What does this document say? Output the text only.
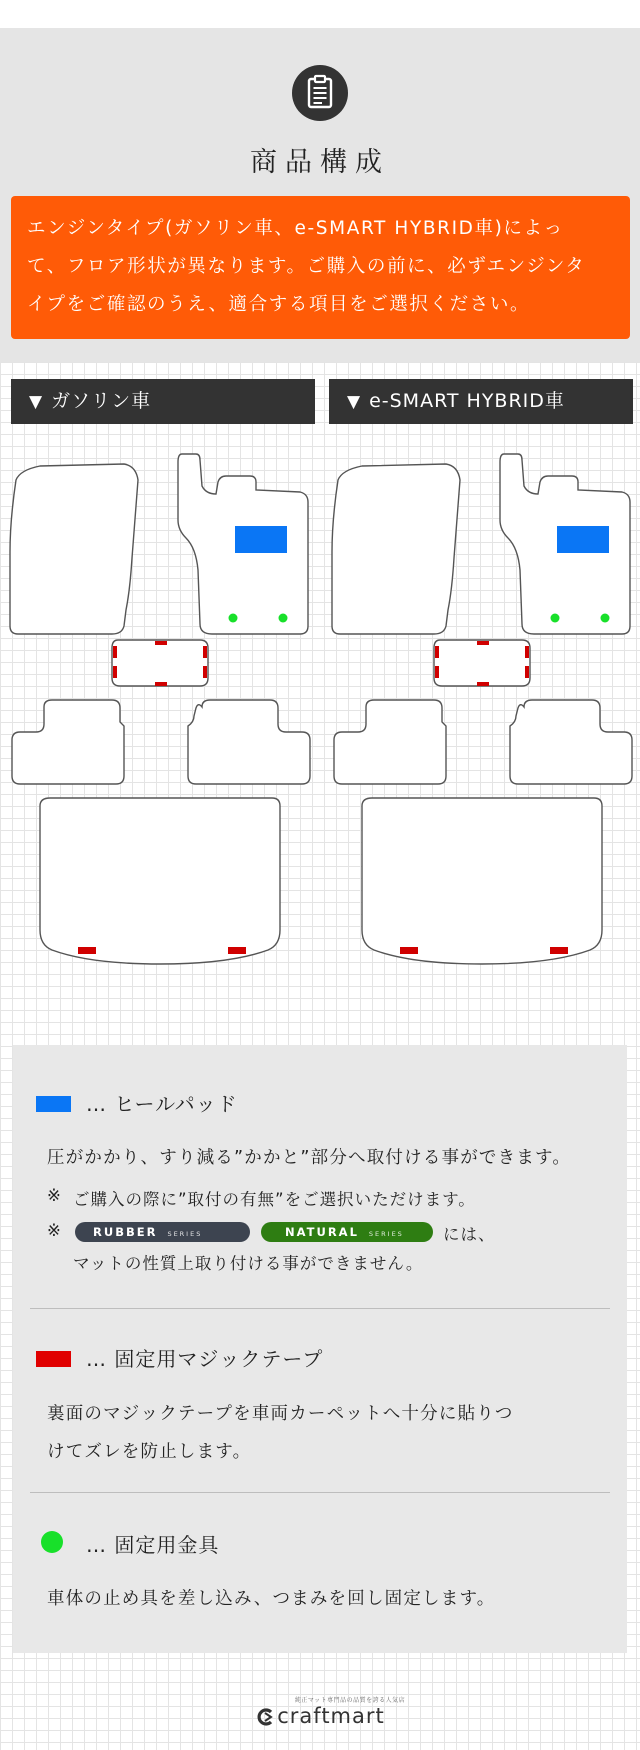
商品構成
エンジンタイプ(ガソリン車、e-SMART HYBRID車)によっ
て、フロア形状が異なります。ご購入の前に、必ずエンジンタ
イプをご確認のうえ、適合する項目をご選択ください。
▼ ガソリン車	▼ e-SMART HYBRID車
… ヒールパッド
圧がかかり、すり減る”かかと”部分へ取付ける事ができます。
※ ご購入の際に”取付の有無”をご選択いただけます。
※	RUBBER SERIES	NATURAL SERIES	には、
マットの性質上取り付ける事ができません。
… 固定用マジックテープ
裏面のマジックテープを車両カーペットへ十分に貼りつ
けてズレを防止します。
… 固定用金具
車体の止め具を差し込み、つまみを回し固定します。
純正マット専門品の品質を誇る人気店
craftmart
